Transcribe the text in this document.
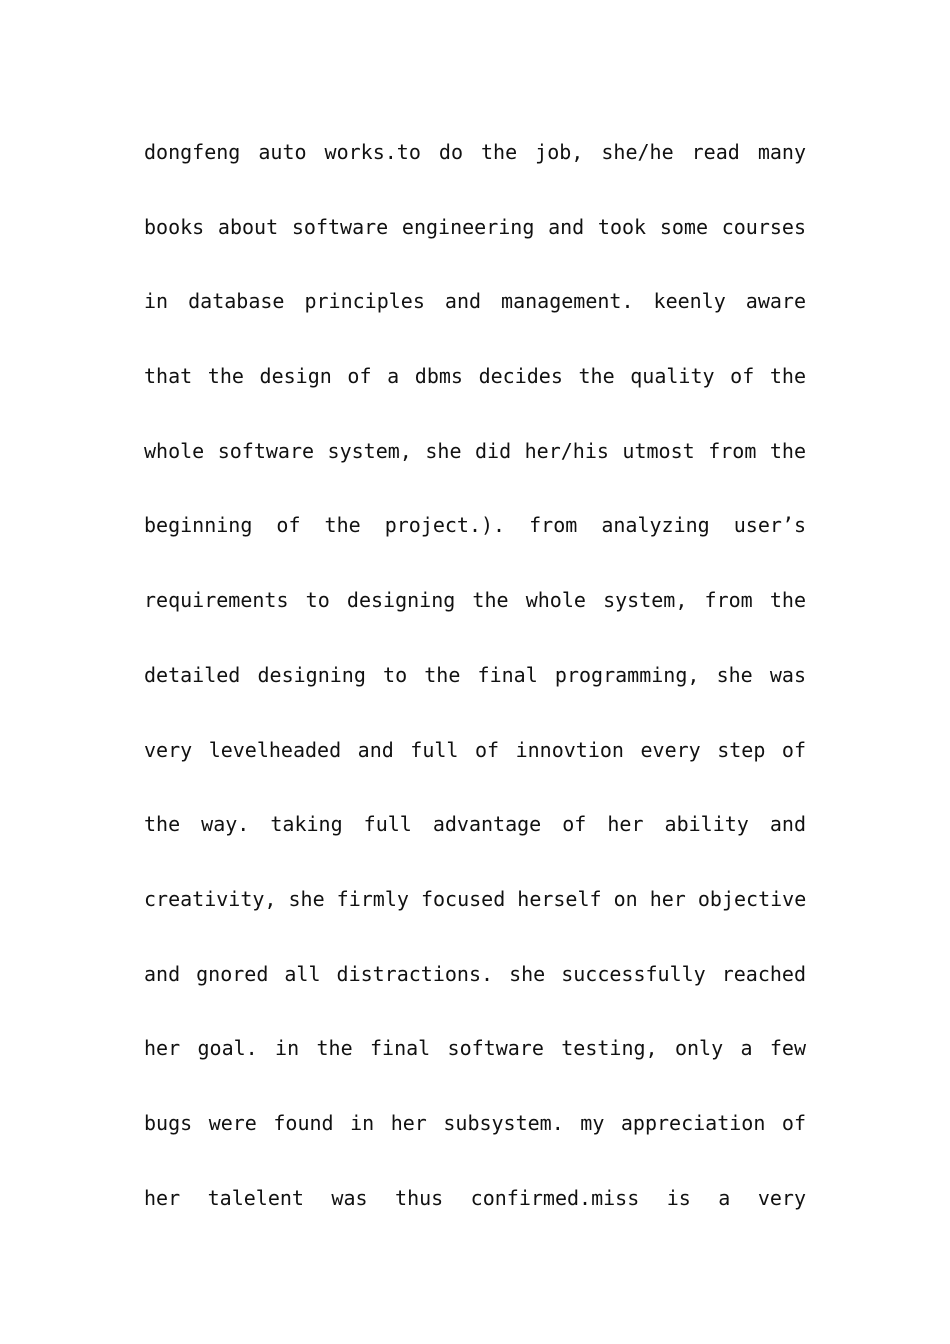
dongfeng auto works.to do the job, she/he read many
books about software engineering and took some courses
in database principles and management. keenly aware
that the design of a dbms decides the quality of the
whole software system, she did her/his utmost from the
beginning of the project.). from analyzing user’s
requirements to designing the whole system, from the
detailed designing to the final programming, she was
very levelheaded and full of innovtion every step of
the way. taking full advantage of her ability and
creativity, she firmly focused herself on her objective
and gnored all distractions. she successfully reached
her goal. in the final software testing, only a few
bugs were found in her subsystem. my appreciation of
her talelent was thus confirmed.miss is a very
